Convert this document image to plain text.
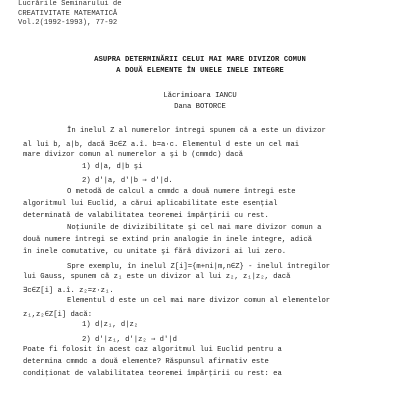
Lucrările Seminarului de
CREATIVITATE MATEMATICĂ
Vol.2(1992-1993), 77-92
ASUPRA DETERMINĂRII CELUI MAI MARE DIVIZOR COMUN
A DOUĂ ELEMENTE ÎN UNELE INELE INTEGRE
Lăcrimioara IANCU
Dana BOTORCE
În inelul Z al numerelor întregi spunem că a este un divizor
al lui b, a|b, dacă ∃c∈Z a.î. b=a·c. Elementul d este un cel mai
mare divizor comun al numerelor a şi b (cmmdc) dacă
1) d|a, d|b şi
2) d'|a, d'|b ⇒ d'|d.
O metodă de calcul a cmmdc a două numere întregi este
algoritmul lui Euclid, a cărui aplicabilitate este esenţial
determinată de valabilitatea teoremei împărţirii cu rest.
Noţiunile de divizibilitate şi cel mai mare divizor comun a
două numere întregi se extind prin analogie în inele integre, adică
în inele comutative, cu unitate şi fără divizori ai lui zero.
Spre exemplu, în inelul Z[i]={m+ni|m,n∈Z} - inelul întregilor
lui Gauss, spunem că z₁ este un divizor al lui z₂, z₁|z₂, dacă
∃c∈Z[i] a.î. z₂=z·z₁.
Elementul d este un cel mai mare divizor comun al elementelor
z₁,z₂∈Z[i] dacă:
1) d|z₁, d|z₂
2) d'|z₁, d'|z₂ ⇒ d'|d
Poate fi folosit în acest caz algoritmul lui Euclid pentru a
determina cmmdc a două elemente? Răspunsul afirmativ este
condiţionat de valabilitatea teoremei împărţirii cu rest: ea
